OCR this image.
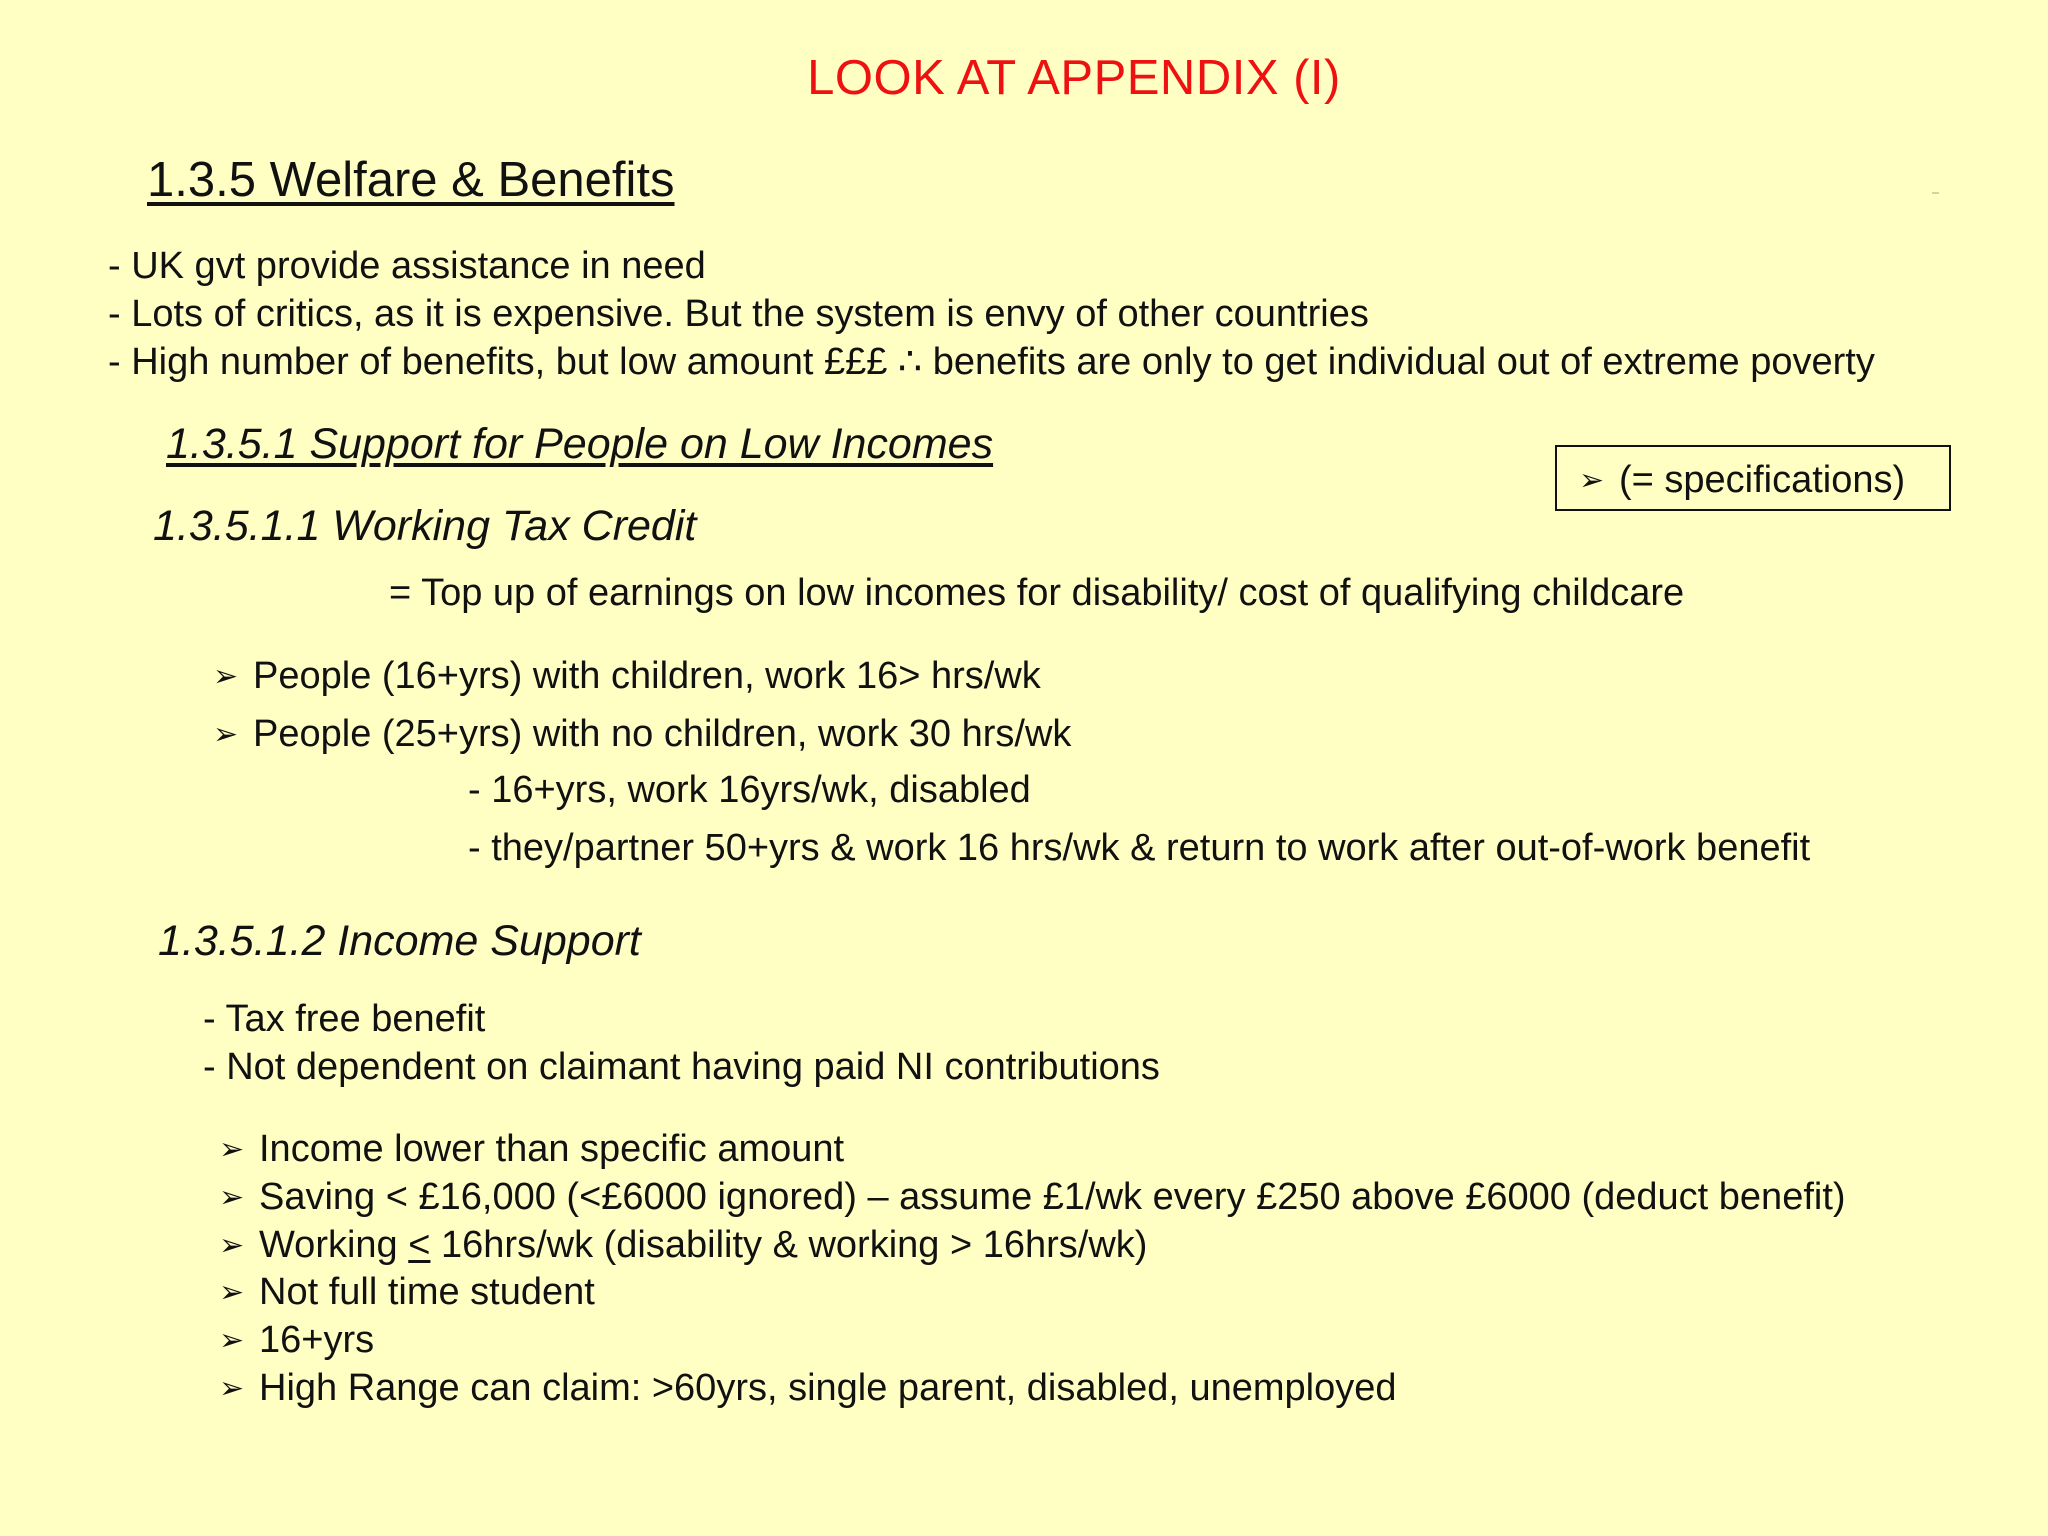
LOOK AT APPENDIX (I)
1.3.5 Welfare & Benefits
- UK gvt provide assistance in need
- Lots of critics, as it is expensive. But the system is envy of other countries
- High number of benefits, but low amount £££ ∴ benefits are only to get individual out of extreme poverty
1.3.5.1 Support for People on Low Incomes
➢ (= specifications)
1.3.5.1.1 Working Tax Credit
= Top up of earnings on low incomes for disability/ cost of qualifying childcare
➢ People (16+yrs) with children, work 16> hrs/wk
➢ People (25+yrs) with no children, work 30 hrs/wk
- 16+yrs, work 16yrs/wk, disabled
- they/partner 50+yrs & work 16 hrs/wk & return to work after out-of-work benefit
1.3.5.1.2 Income Support
- Tax free benefit
- Not dependent on claimant having paid NI contributions
➢ Income lower than specific amount
➢ Saving < £16,000 (<£6000 ignored) – assume £1/wk every £250 above £6000 (deduct benefit)
➢ Working ≤ 16hrs/wk (disability & working > 16hrs/wk)
➢ Not full time student
➢ 16+yrs
➢ High Range can claim: >60yrs, single parent, disabled, unemployed
